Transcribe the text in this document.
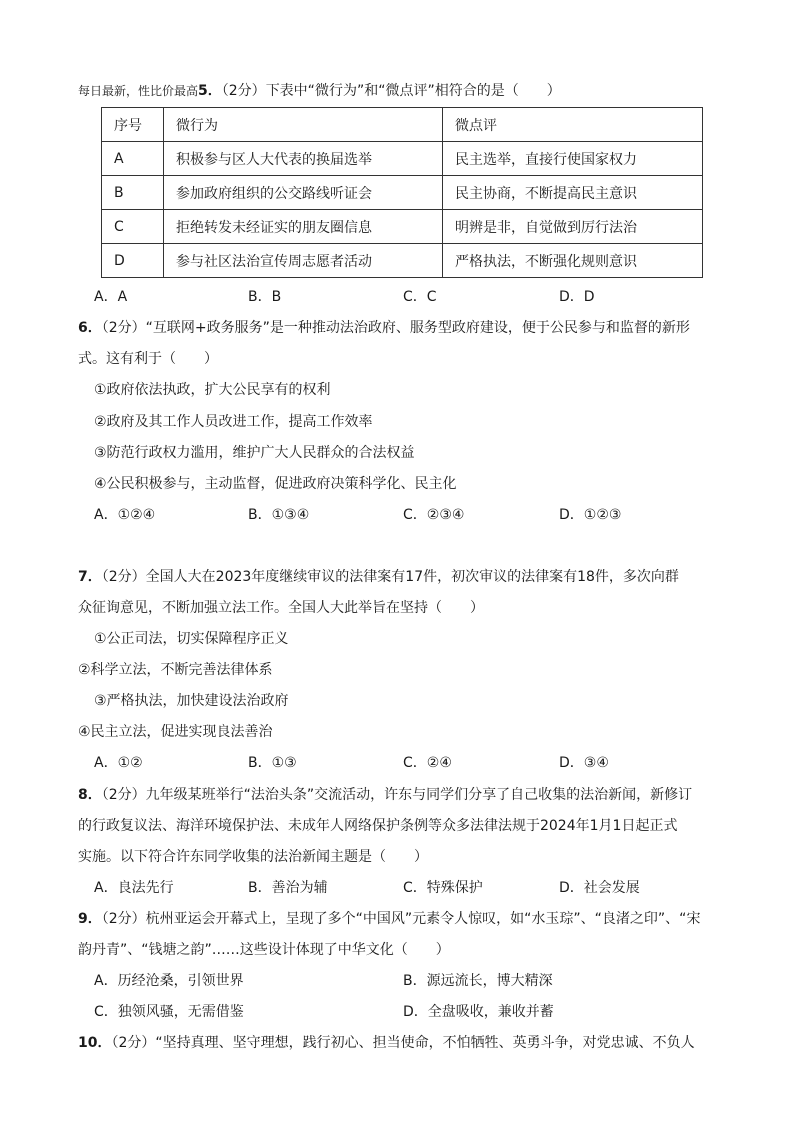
每日最新，性比价最高5．（2分）下表中“微行为”和“微点评”相符合的是（　　）
序号	微行为	微点评
A	积极参与区人大代表的换届选举	民主选举，直接行使国家权力
B	参加政府组织的公交路线听证会	民主协商，不断提高民主意识
C	拒绝转发未经证实的朋友圈信息	明辨是非，自觉做到厉行法治
D	参与社区法治宣传周志愿者活动	严格执法，不断强化规则意识
A．A	B．B	C．C	D．D
6．（2分）“互联网+政务服务”是一种推动法治政府、服务型政府建设，便于公民参与和监督的新形
式。这有利于（　　）
①政府依法执政，扩大公民享有的权利
②政府及其工作人员改进工作，提高工作效率
③防范行政权力滥用，维护广大人民群众的合法权益
④公民积极参与，主动监督，促进政府决策科学化、民主化
A．①②④	B．①③④	C．②③④	D．①②③
7．（2分）全国人大在2023年度继续审议的法律案有17件，初次审议的法律案有18件，多次向群
众征询意见，不断加强立法工作。全国人大此举旨在坚持（　　）
①公正司法，切实保障程序正义
②科学立法，不断完善法律体系
③严格执法，加快建设法治政府
④民主立法，促进实现良法善治
A．①②	B．①③	C．②④	D．③④
8．（2分）九年级某班举行“法治头条”交流活动，许东与同学们分享了自己收集的法治新闻，新修订
的行政复议法、海洋环境保护法、未成年人网络保护条例等众多法律法规于2024年1月1日起正式
实施。以下符合许东同学收集的法治新闻主题是（　　）
A．良法先行	B．善治为辅	C．特殊保护	D．社会发展
9．（2分）杭州亚运会开幕式上，呈现了多个“中国风”元素令人惊叹，如“水玉琮”、“良渚之印”、“宋
韵丹青”、“钱塘之韵”……这些设计体现了中华文化（　　）
A．历经沧桑，引领世界	B．源远流长，博大精深
C．独领风骚，无需借鉴	D．全盘吸收，兼收并蓄
10．（2分）“坚持真理、坚守理想，践行初心、担当使命，不怕牺牲、英勇斗争，对党忠诚、不负人
